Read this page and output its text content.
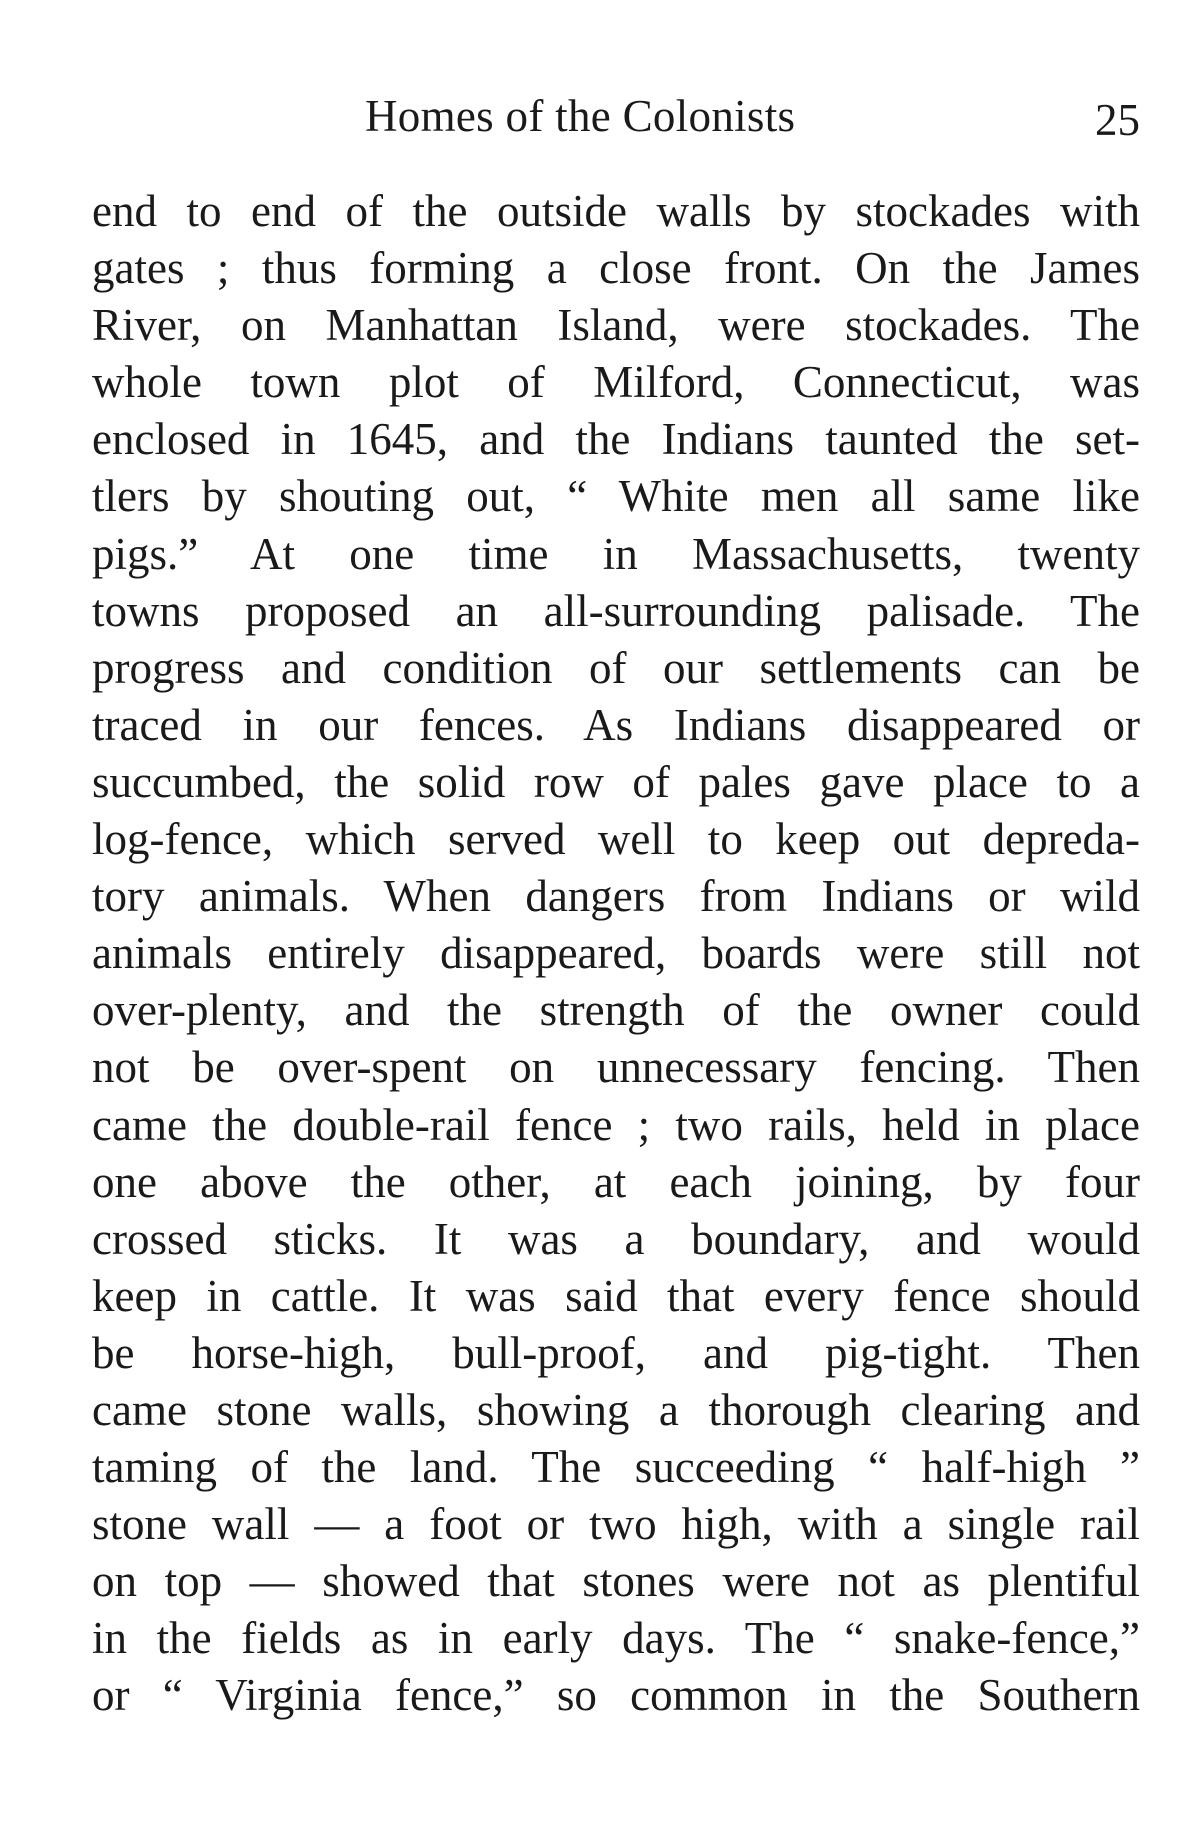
Homes of the Colonists	25
end to end of the outside walls by stockades with
gates ; thus forming a close front. On the James
River, on Manhattan Island, were stockades. The
whole town plot of Milford, Connecticut, was
enclosed in 1645, and the Indians taunted the set-
tlers by shouting out, “ White men all same like
pigs.” At one time in Massachusetts, twenty
towns proposed an all-surrounding palisade. The
progress and condition of our settlements can be
traced in our fences. As Indians disappeared or
succumbed, the solid row of pales gave place to a
log-fence, which served well to keep out depreda-
tory animals. When dangers from Indians or wild
animals entirely disappeared, boards were still not
over-plenty, and the strength of the owner could
not be over-spent on unnecessary fencing. Then
came the double-rail fence ; two rails, held in place
one above the other, at each joining, by four
crossed sticks. It was a boundary, and would
keep in cattle. It was said that every fence should
be horse-high, bull-proof, and pig-tight. Then
came stone walls, showing a thorough clearing and
taming of the land. The succeeding “ half-high ”
stone wall — a foot or two high, with a single rail
on top — showed that stones were not as plentiful
in the fields as in early days. The “ snake-fence,”
or “ Virginia fence,” so common in the Southern
